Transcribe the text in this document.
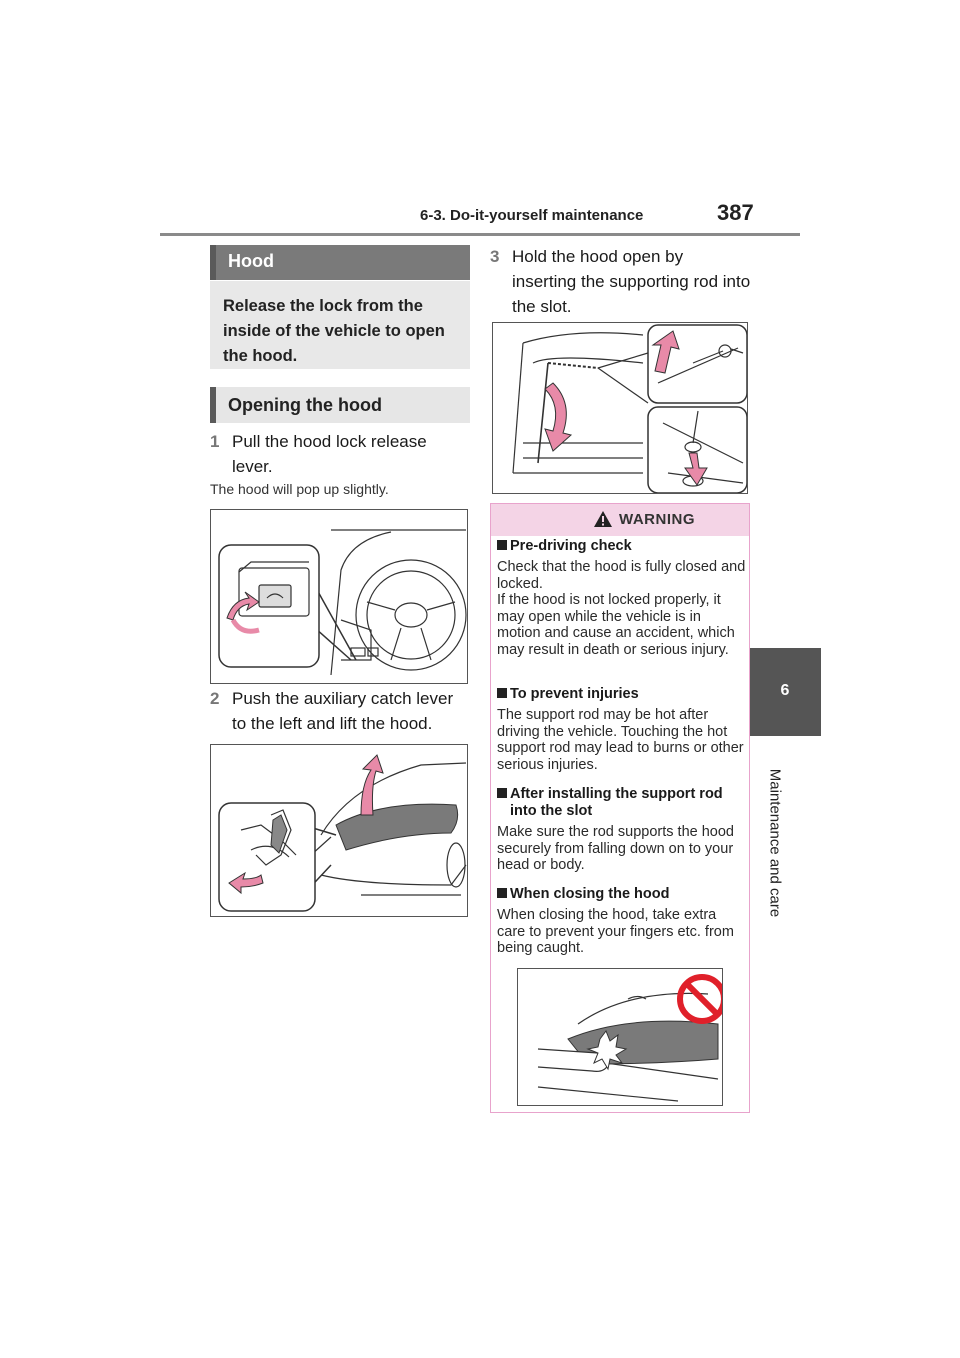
6-3. Do-it-yourself maintenance	387
6
Maintenance and care
Hood
Release the lock from the inside of the vehicle to open the hood.
Opening the hood
1 Pull the hood lock release lever.
The hood will pop up slightly.
2 Push the auxiliary catch lever to the left and lift the hood.
3 Hold the hood open by inserting the supporting rod into the slot.
WARNING
Pre-driving check
Check that the hood is fully closed and locked.
If the hood is not locked properly, it may open while the vehicle is in motion and cause an accident, which may result in death or serious injury.
To prevent injuries
The support rod may be hot after driving the vehicle. Touching the hot support rod may lead to burns or other serious injuries.
After installing the support rod into the slot
Make sure the rod supports the hood securely from falling down on to your head or body.
When closing the hood
When closing the hood, take extra care to prevent your fingers etc. from being caught.
